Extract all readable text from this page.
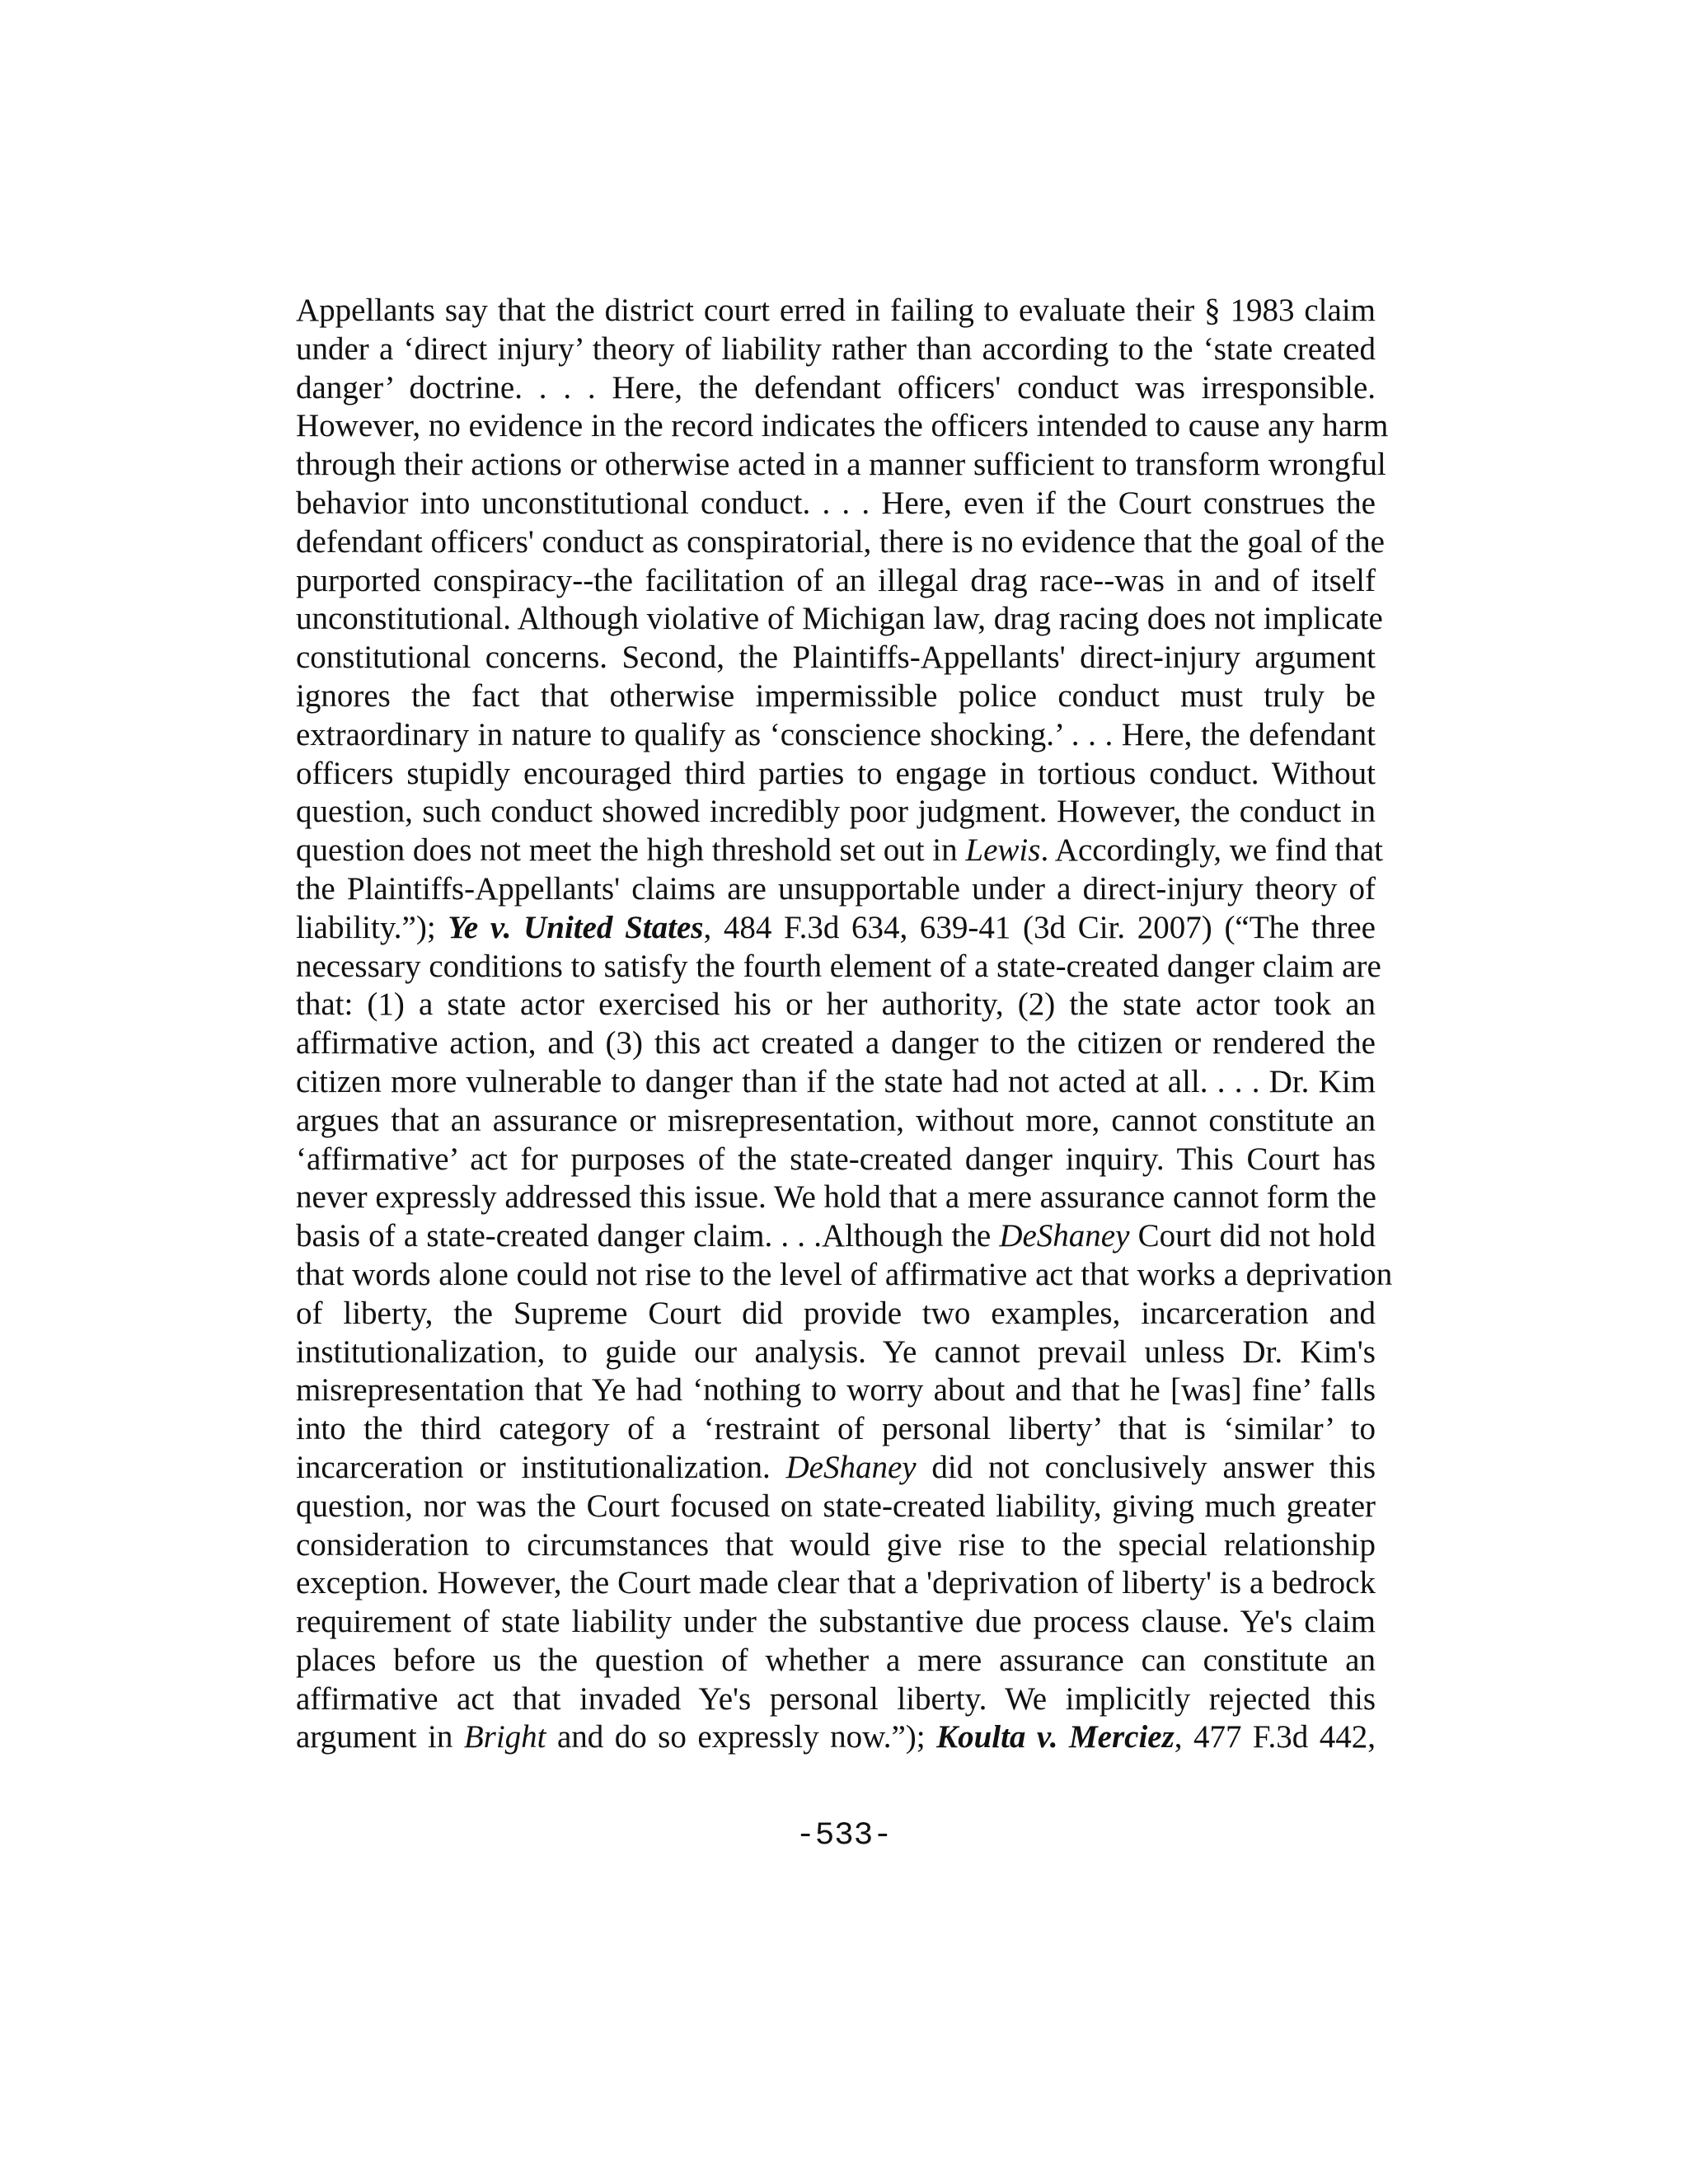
Appellants say that the district court erred in failing to evaluate their § 1983 claim
under a ‘direct injury’ theory of liability rather than according to the ‘state created
danger’ doctrine. . . . Here, the defendant officers' conduct was irresponsible.
However, no evidence in the record indicates the officers intended to cause any harm
through their actions or otherwise acted in a manner sufficient to transform wrongful
behavior into unconstitutional conduct. . . . Here, even if the Court construes the
defendant officers' conduct as conspiratorial, there is no evidence that the goal of the
purported conspiracy--the facilitation of an illegal drag race--was in and of itself
unconstitutional. Although violative of Michigan law, drag racing does not implicate
constitutional concerns. Second, the Plaintiffs-Appellants' direct-injury argument
ignores the fact that otherwise impermissible police conduct must truly be
extraordinary in nature to qualify as ‘conscience shocking.’ . . . Here, the defendant
officers stupidly encouraged third parties to engage in tortious conduct. Without
question, such conduct showed incredibly poor judgment. However, the conduct in
question does not meet the high threshold set out in Lewis. Accordingly, we find that
the Plaintiffs-Appellants' claims are unsupportable under a direct-injury theory of
liability.”); Ye v. United States, 484 F.3d 634, 639-41 (3d Cir. 2007) (“The three
necessary conditions to satisfy the fourth element of a state-created danger claim are
that: (1) a state actor exercised his or her authority, (2) the state actor took an
affirmative action, and (3) this act created a danger to the citizen or rendered the
citizen more vulnerable to danger than if the state had not acted at all. . . . Dr. Kim
argues that an assurance or misrepresentation, without more, cannot constitute an
‘affirmative’ act for purposes of the state-created danger inquiry. This Court has
never expressly addressed this issue. We hold that a mere assurance cannot form the
basis of a state-created danger claim. . . .Although the DeShaney Court did not hold
that words alone could not rise to the level of affirmative act that works a deprivation
of liberty, the Supreme Court did provide two examples, incarceration and
institutionalization, to guide our analysis. Ye cannot prevail unless Dr. Kim's
misrepresentation that Ye had ‘nothing to worry about and that he [was] fine’ falls
into the third category of a ‘restraint of personal liberty’ that is ‘similar’ to
incarceration or institutionalization. DeShaney did not conclusively answer this
question, nor was the Court focused on state-created liability, giving much greater
consideration to circumstances that would give rise to the special relationship
exception. However, the Court made clear that a 'deprivation of liberty' is a bedrock
requirement of state liability under the substantive due process clause. Ye's claim
places before us the question of whether a mere assurance can constitute an
affirmative act that invaded Ye's personal liberty. We implicitly rejected this
argument in Bright and do so expressly now.”); Koulta v. Merciez, 477 F.3d 442,
-533-
